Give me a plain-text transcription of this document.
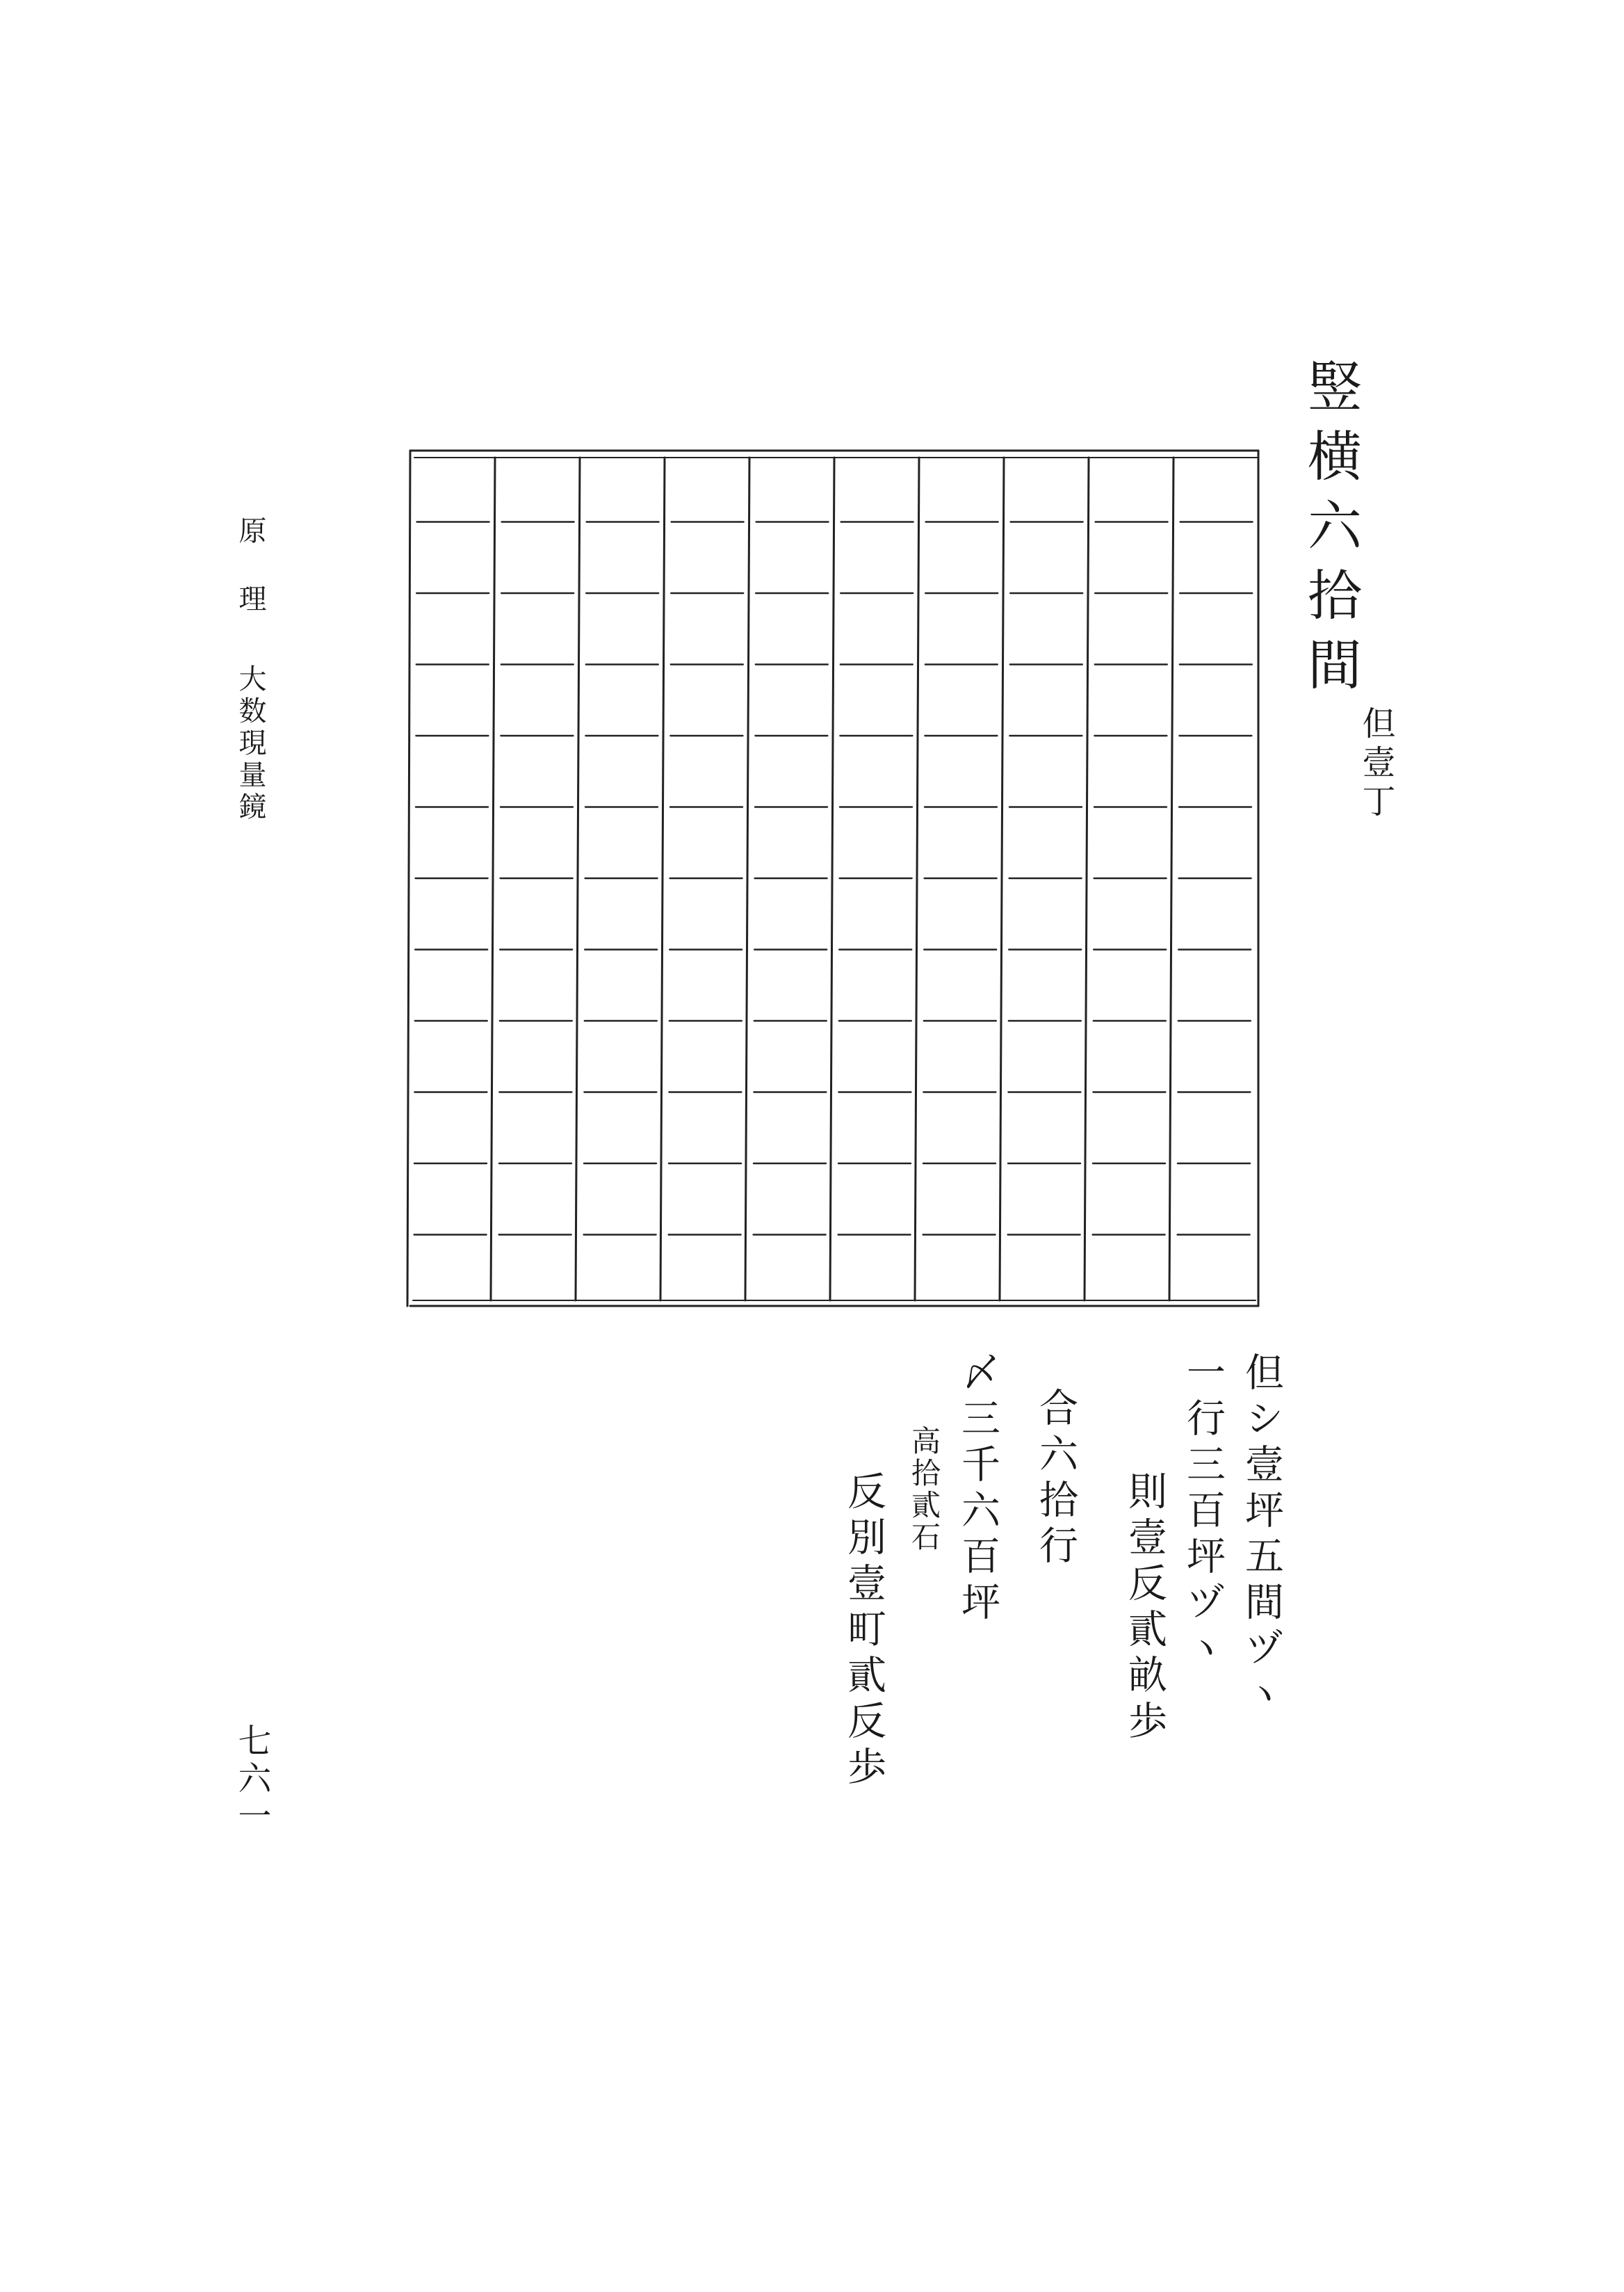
竪横六拾間
但壹丁
原理
大数現量鏡
七六一
但シ壹坪五間ヅヽ
一行三百坪ヅヽ
則壹反貳畝歩
合六拾行
〆三千六百坪
高拾貳石
反別壹町貳反歩
